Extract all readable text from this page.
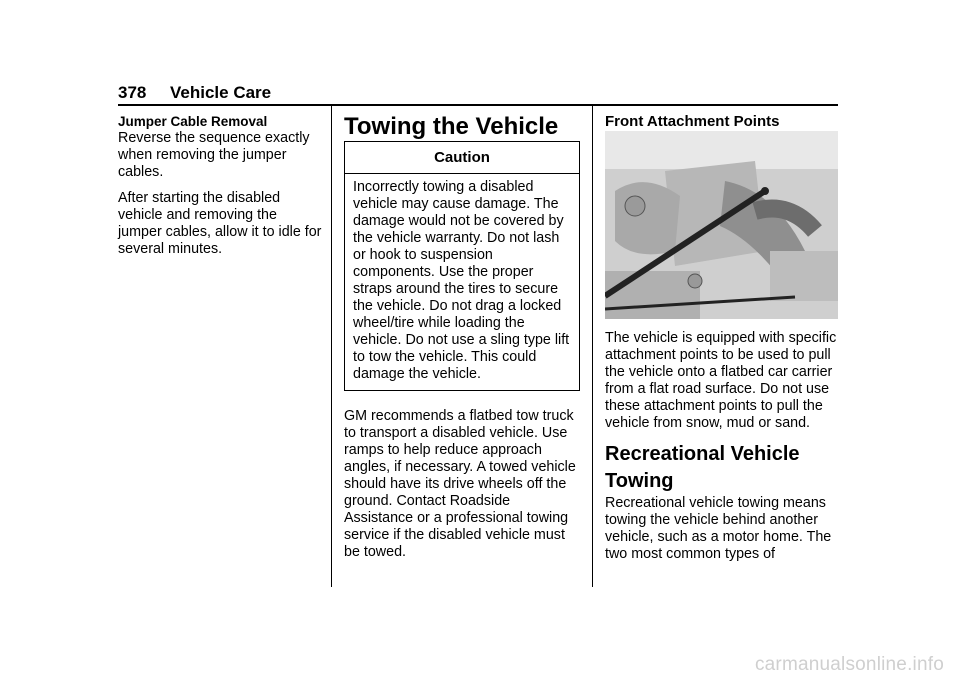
378 Vehicle Care

Jumper Cable Removal

Reverse the sequence exactly when removing the jumper cables.

After starting the disabled vehicle and removing the jumper cables, allow it to idle for several minutes.

Towing the Vehicle

Caution
Incorrectly towing a disabled vehicle may cause damage. The damage would not be covered by the vehicle warranty. Do not lash or hook to suspension components. Use the proper straps around the tires to secure the vehicle. Do not drag a locked wheel/tire while loading the vehicle. Do not use a sling type lift to tow the vehicle. This could damage the vehicle.

GM recommends a flatbed tow truck to transport a disabled vehicle. Use ramps to help reduce approach angles, if necessary. A towed vehicle should have its drive wheels off the ground. Contact Roadside Assistance or a professional towing service if the disabled vehicle must be towed.

Front Attachment Points

The vehicle is equipped with specific attachment points to be used to pull the vehicle onto a flatbed car carrier from a flat road surface. Do not use these attachment points to pull the vehicle from snow, mud or sand.

Recreational Vehicle Towing

Recreational vehicle towing means towing the vehicle behind another vehicle, such as a motor home. The two most common types of

carmanualsonline.info
